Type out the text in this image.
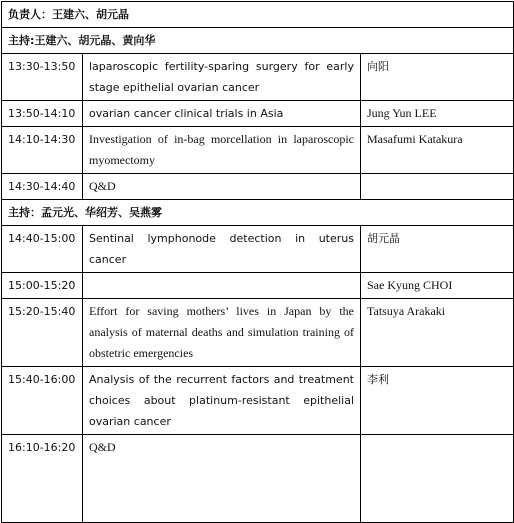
负责人：王建六、胡元晶		
主持:王建六、胡元晶、黄向华		
13:30-13:50	laparoscopic fertility-sparing surgery for early stage epithelial ovarian cancer	向阳
13:50-14:10	ovarian cancer clinical trials in Asia	Jung Yun LEE
14:10-14:30	Investigation of in-bag morcellation in laparoscopic myomectomy	Masafumi Katakura
14:30-14:40	Q&D	
主持：孟元光、华绍芳、吴燕雾		
14:40-15:00	Sentinal lymphonode detection in uterus cancer	胡元晶
15:00-15:20		Sae Kyung CHOI
15:20-15:40	Effort for saving mothers’ lives in Japan by the analysis of maternal deaths and simulation training of obstetric emergencies	Tatsuya Arakaki
15:40-16:00	Analysis of the recurrent factors and treatment choices about platinum-resistant epithelial ovarian cancer	李利
16:10-16:20	Q&D	
